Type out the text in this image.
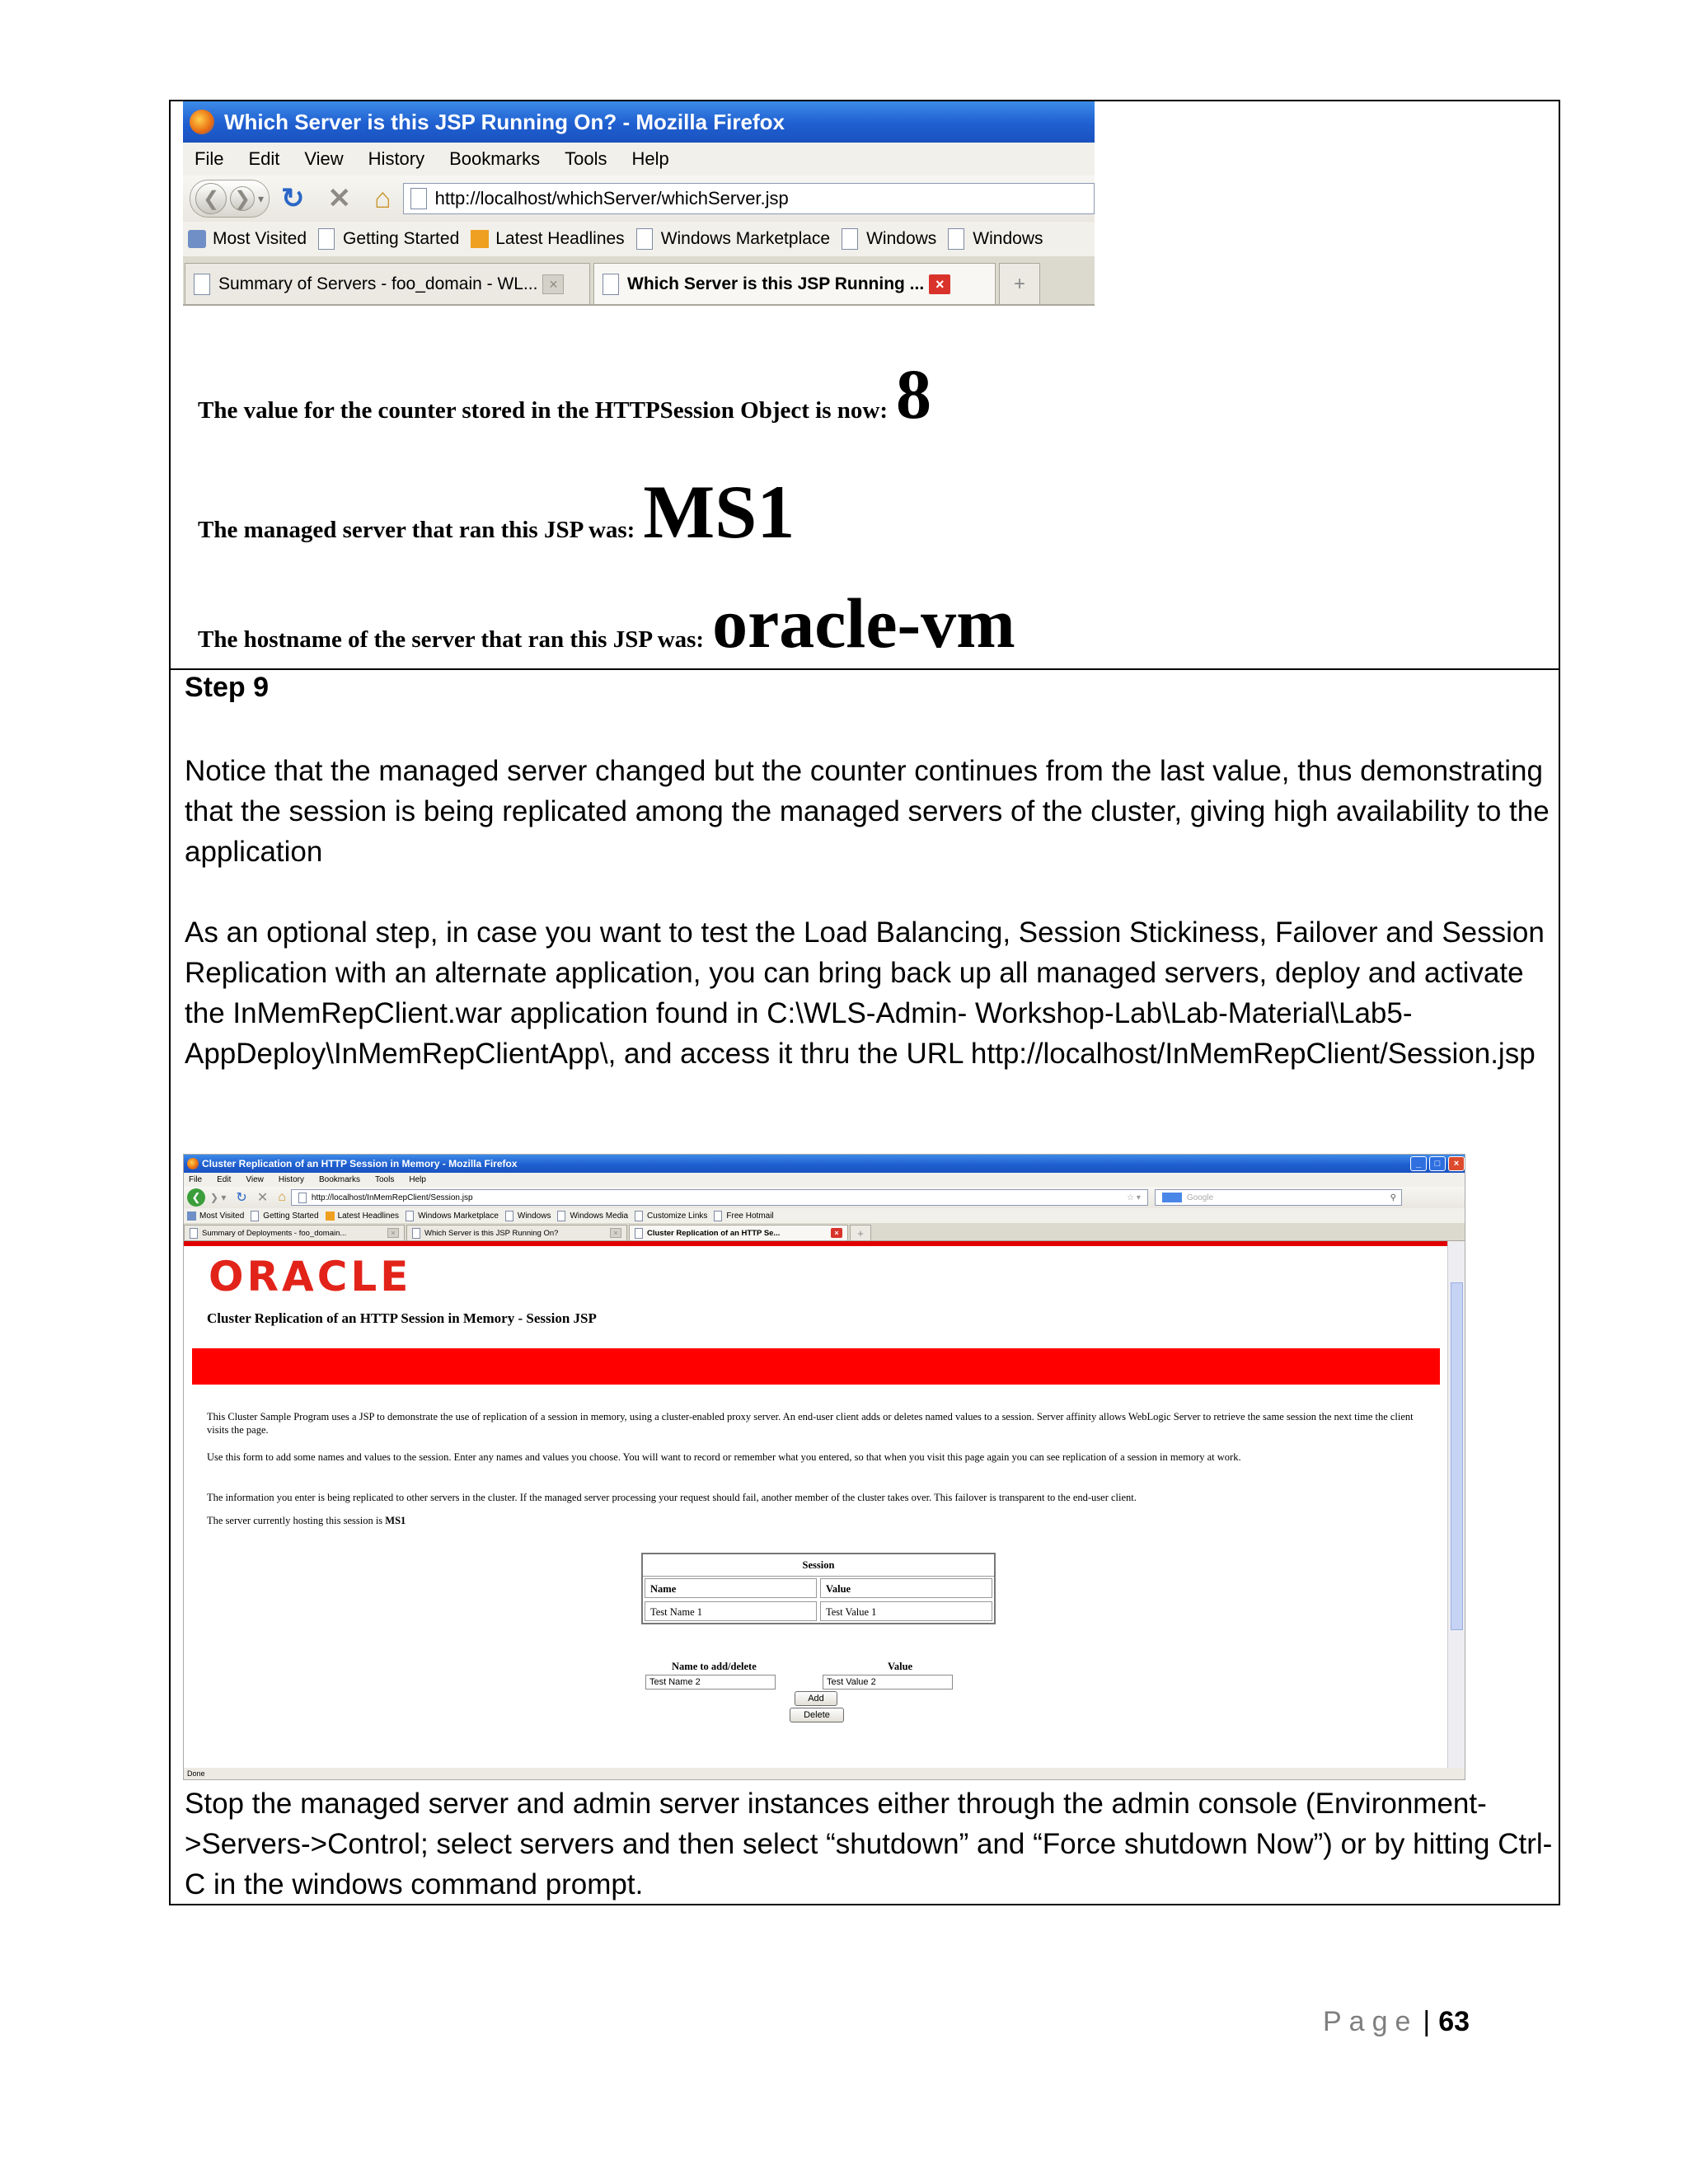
Which Server is this JSP Running On? - Mozilla Firefox
File Edit View History Bookmarks Tools Help
❮ ❯ ▾ ↻ ✕ ⌂ http://localhost/whichServer/whichServer.jsp
Most Visited Getting Started Latest Headlines Windows Marketplace Windows Windows
Summary of Servers - foo_domain - WL... ×	Which Server is this JSP Running ... ×	+
The value for the counter stored in the HTTPSession Object is now: 8
The managed server that ran this JSP was: MS1
The hostname of the server that ran this JSP was: oracle-vm
Step 9
Notice that the managed server changed but the counter continues from the last value, thus demonstrating that the session is being replicated among the managed servers of the cluster, giving high availability to the application
As an optional step, in case you want to test the Load Balancing, Session Stickiness, Failover and Session Replication with an alternate application, you can bring back up all managed servers, deploy and activate the InMemRepClient.war application found in C:\WLS-Admin- Workshop-Lab\Lab-Material\Lab5-AppDeploy\InMemRepClientApp\, and access it thru the URL http://localhost/InMemRepClient/Session.jsp
Cluster Replication of an HTTP Session in Memory - Mozilla Firefox	_	□	×
File Edit View History Bookmarks Tools Help
❮ ❯ ▾ ↻ ✕ ⌂	http://localhost/InMemRepClient/Session.jsp	☆ ▾	Google	⚲
Most Visited Getting Started Latest Headlines Windows Marketplace Windows Windows Media Customize Links Free Hotmail
Summary of Deployments - foo_domain...	×	Which Server is this JSP Running On?	×	Cluster Replication of an HTTP Se...	×	+
ORACLE
Cluster Replication of an HTTP Session in Memory - Session JSP
This Cluster Sample Program uses a JSP to demonstrate the use of replication of a session in memory, using a cluster-enabled proxy server. An end-user client adds or deletes named values to a session. Server affinity allows WebLogic Server to retrieve the same session the next time the client visits the page.
Use this form to add some names and values to the session. Enter any names and values you choose. You will want to record or remember what you entered, so that when you visit this page again you can see replication of a session in memory at work.
The information you enter is being replicated to other servers in the cluster. If the managed server processing your request should fail, another member of the cluster takes over. This failover is transparent to the end-user client.
The server currently hosting this session is MS1
Session
Name	Value
Test Name 1	Test Value 1
Name to add/delete	Value
Test Name 2	Test Value 2
Add
Delete
Done
Stop the managed server and admin server instances either through the admin console (Environment->Servers->Control; select servers and then select “shutdown” and “Force shutdown Now”) or by hitting Ctrl-C in the windows command prompt.
Page | 63
